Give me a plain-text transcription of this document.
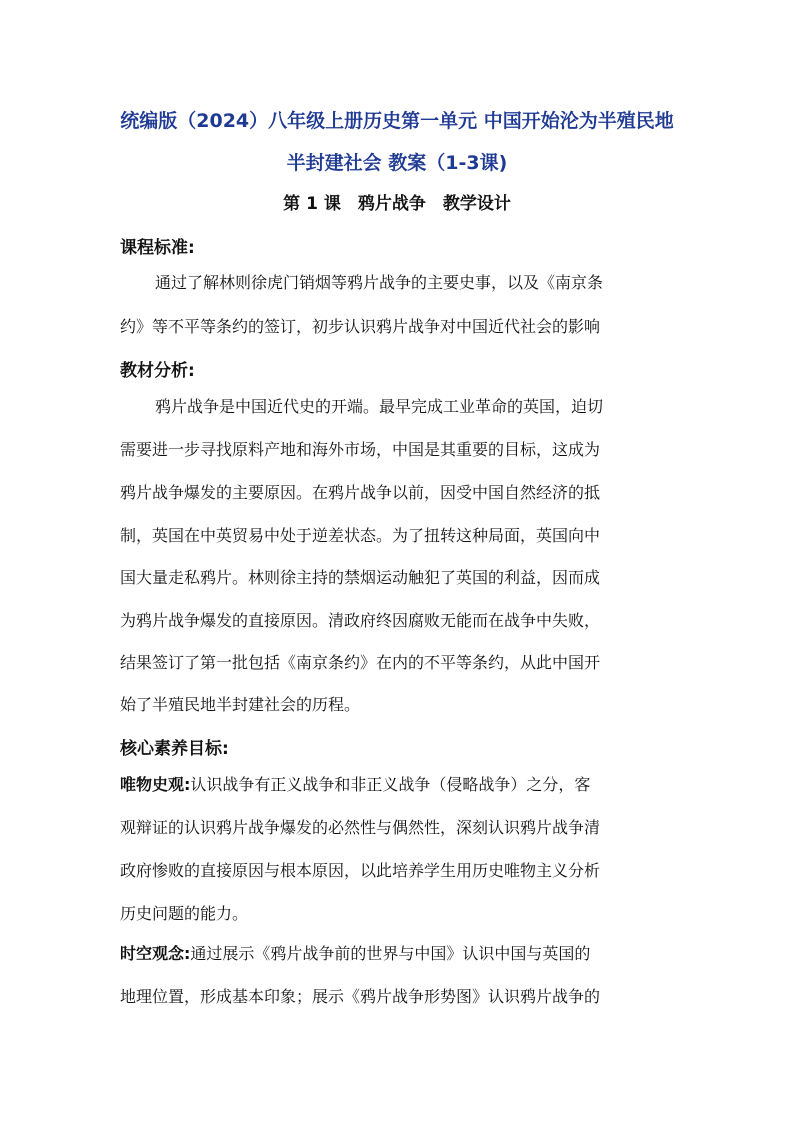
统编版（2024）八年级上册历史第一单元 中国开始沦为半殖民地
半封建社会 教案（1-3课)
第 1 课　鸦片战争　教学设计
课程标准:
通过了解林则徐虎门销烟等鸦片战争的主要史事，以及《南京条
约》等不平等条约的签订，初步认识鸦片战争对中国近代社会的影响
教材分析:
鸦片战争是中国近代史的开端。最早完成工业革命的英国，迫切
需要进一步寻找原料产地和海外市场，中国是其重要的目标，这成为
鸦片战争爆发的主要原因。在鸦片战争以前，因受中国自然经济的抵
制，英国在中英贸易中处于逆差状态。为了扭转这种局面，英国向中
国大量走私鸦片。林则徐主持的禁烟运动触犯了英国的利益，因而成
为鸦片战争爆发的直接原因。清政府终因腐败无能而在战争中失败，
结果签订了第一批包括《南京条约》在内的不平等条约，从此中国开
始了半殖民地半封建社会的历程。
核心素养目标:
唯物史观:认识战争有正义战争和非正义战争（侵略战争）之分，客
观辩证的认识鸦片战争爆发的必然性与偶然性，深刻认识鸦片战争清
政府惨败的直接原因与根本原因，以此培养学生用历史唯物主义分析
历史问题的能力。
时空观念:通过展示《鸦片战争前的世界与中国》认识中国与英国的
地理位置，形成基本印象；展示《鸦片战争形势图》认识鸦片战争的
